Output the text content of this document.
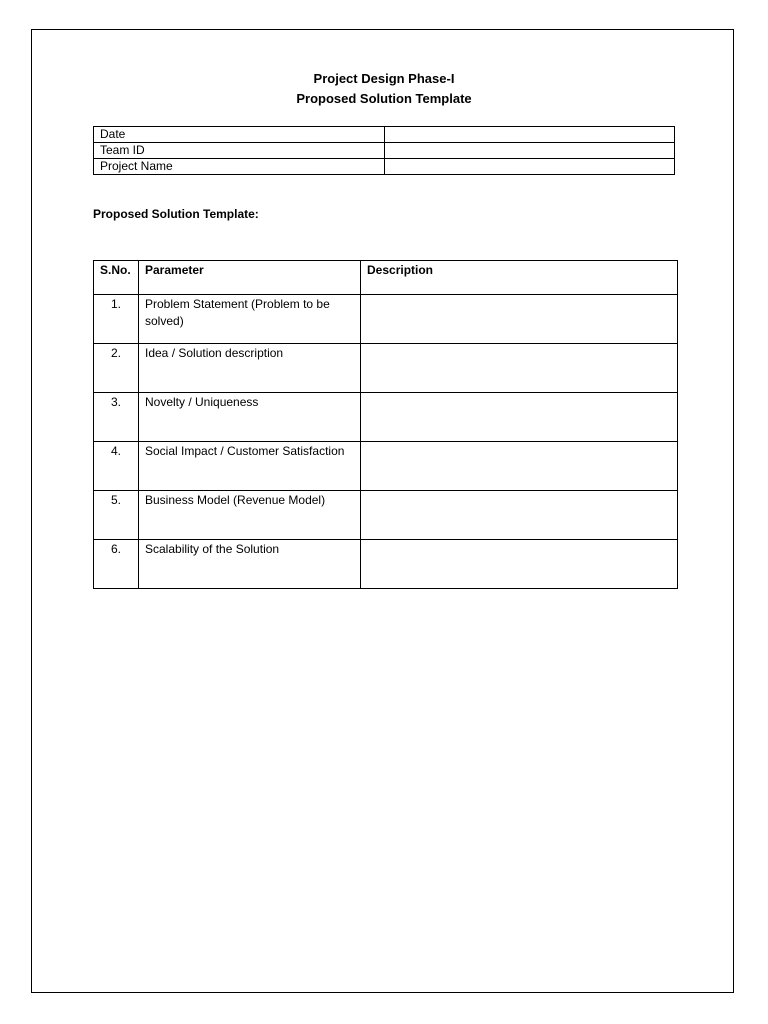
Project Design Phase-I
Proposed Solution Template
Date	
Team ID	
Project Name	
Proposed Solution Template:
S.No.	Parameter	Description
1.	Problem Statement (Problem to be solved)	
2.	Idea / Solution description	
3.	Novelty / Uniqueness	
4.	Social Impact / Customer Satisfaction	
5.	Business Model (Revenue Model)	
6.	Scalability of the Solution	
